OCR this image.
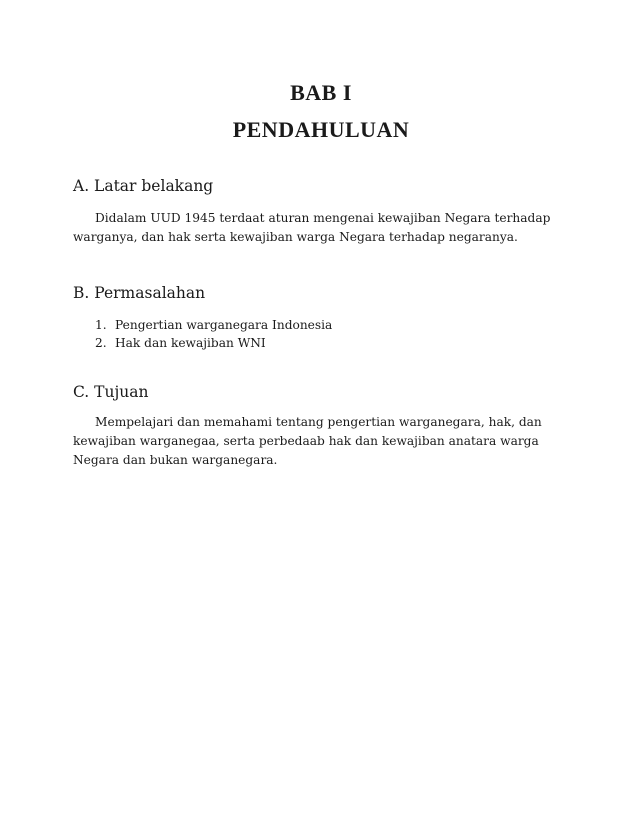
BAB I
PENDAHULUAN
A. Latar belakang

Didalam UUD 1945 terdaat aturan mengenai kewajiban Negara terhadap warganya, dan hak serta kewajiban warga Negara terhadap negaranya.

B. Permasalahan
1. Pengertian warganegara Indonesia
2. Hak dan kewajiban WNI
C. Tujuan

Mempelajari dan memahami tentang pengertian warganegara, hak, dan kewajiban warganegaa, serta perbedaab hak dan kewajiban anatara warga Negara dan bukan warganegara.
